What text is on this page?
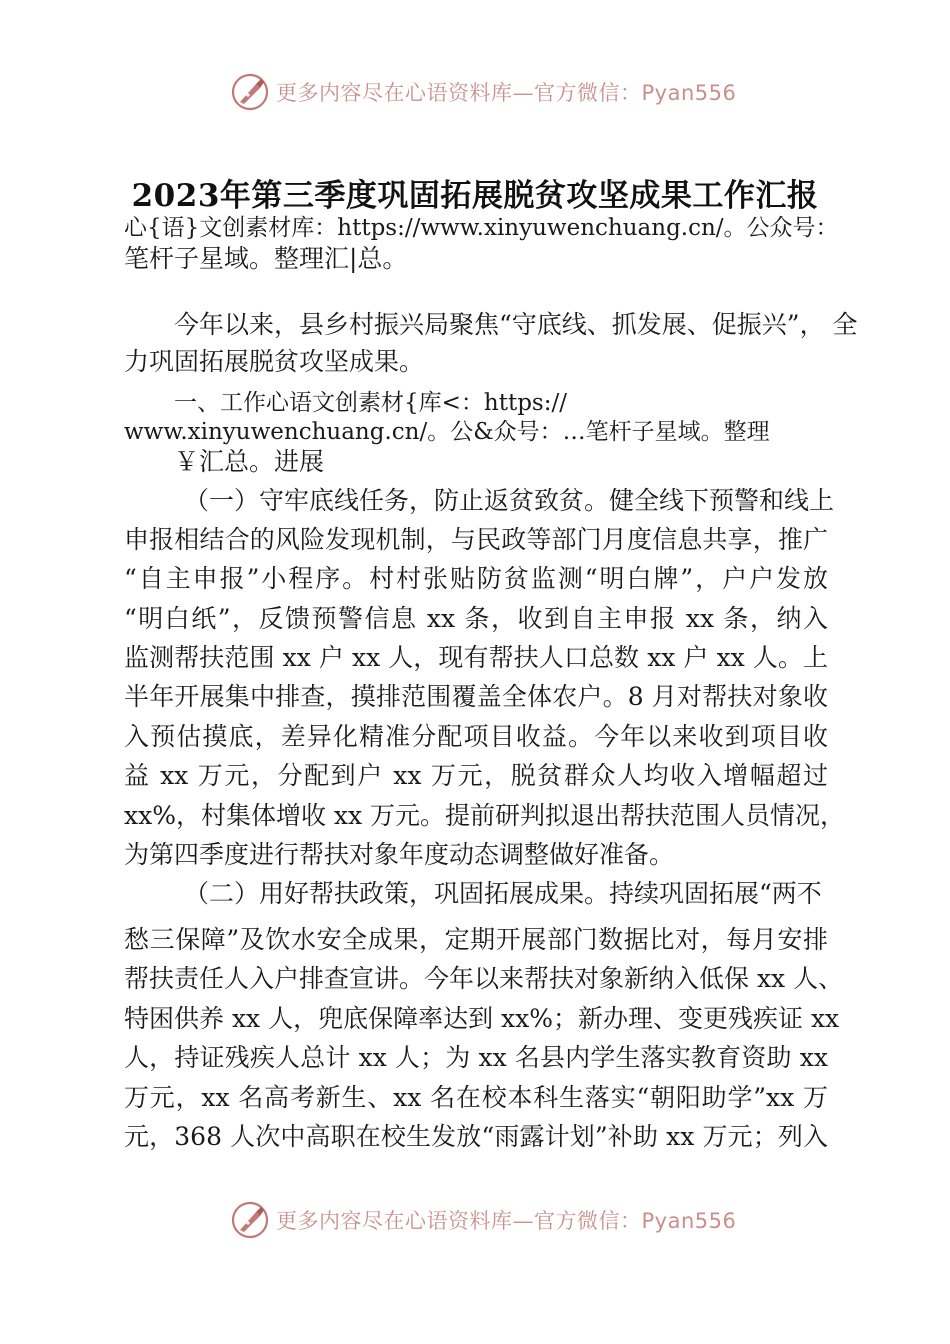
更多内容尽在心语资料库—官方微信：Pyan556
2023年第三季度巩固拓展脱贫攻坚成果工作汇报
心{语}文创素材库：https://www.xinyuwenchuang.cn/。公众号：
笔杆子星域。整理汇|总。
今年以来，县乡村振兴局聚焦“守底线、抓发展、促振兴”， 全
力巩固拓展脱贫攻坚成果。
一、工作心语文创素材{库<：https://
www.xinyuwenchuang.cn/。公&众号：…笔杆子星域。整理
￥汇总。进展
（一）守牢底线任务，防止返贫致贫。健全线下预警和线上
申报相结合的风险发现机制，与民政等部门月度信息共享，推广
“自主申报”小程序。村村张贴防贫监测“明白牌”，户户发放
“明白纸”，反馈预警信息 xx 条，收到自主申报 xx 条，纳入
监测帮扶范围 xx 户 xx 人，现有帮扶人口总数 xx 户 xx 人。上
半年开展集中排查，摸排范围覆盖全体农户。8 月对帮扶对象收
入预估摸底，差异化精准分配项目收益。今年以来收到项目收
益 xx 万元，分配到户 xx 万元，脱贫群众人均收入增幅超过
xx%，村集体增收 xx 万元。提前研判拟退出帮扶范围人员情况，
为第四季度进行帮扶对象年度动态调整做好准备。
（二）用好帮扶政策，巩固拓展成果。持续巩固拓展“两不
愁三保障”及饮水安全成果，定期开展部门数据比对，每月安排
帮扶责任人入户排查宣讲。今年以来帮扶对象新纳入低保 xx 人、
特困供养 xx 人，兜底保障率达到 xx%；新办理、变更残疾证 xx
人，持证残疾人总计 xx 人；为 xx 名县内学生落实教育资助 xx
万元，xx 名高考新生、xx 名在校本科生落实“朝阳助学”xx 万
元，368 人次中高职在校生发放“雨露计划”补助 xx 万元；列入
更多内容尽在心语资料库—官方微信：Pyan556
